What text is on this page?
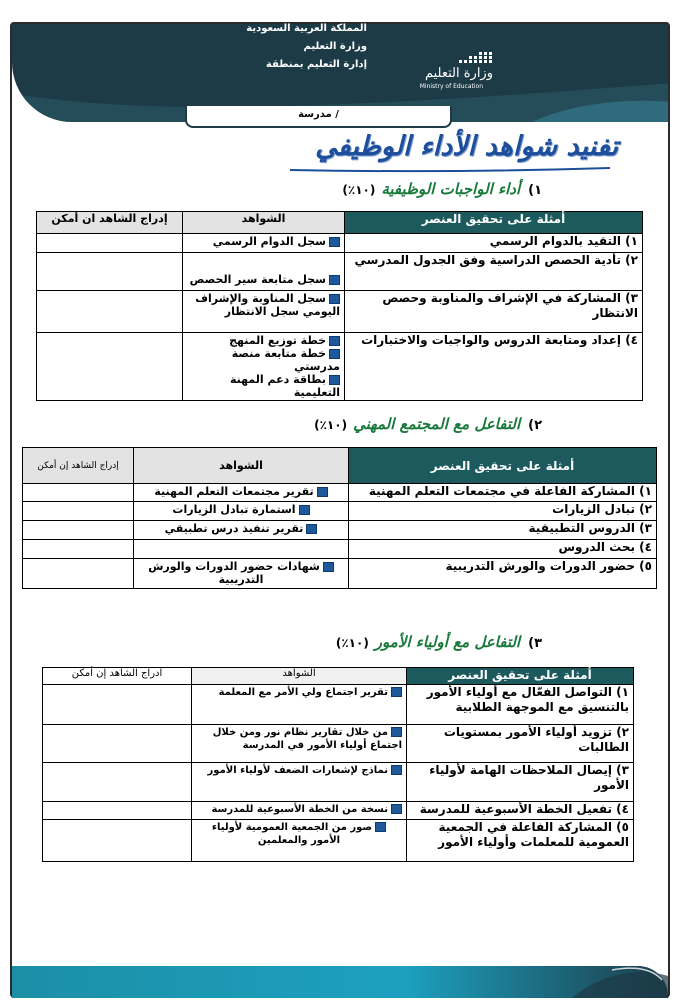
المملكة العربية السعودية
وزارة التعليم
إدارة التعليم بمنطقة
وزارة التعليم
Ministry of Education
مدرسة /
تفنيد شواهد الأداء الوظيفي
١)أداء الواجبات الوظيفية(١٠٪)
أمثلة على تحقيق العنصر	الشواهد	إدراج الشاهد ان أمكن
١) التقيد بالدوام الرسمي	سجل الدوام الرسمي	

٢) تأدية الحصص الدراسية وفق الجدول المدرسي	سجل متابعة سير الحصص	

٣) المشاركة في الإشراف والمناوبة وحصص الانتظار	سجل المناوبة والإشراف اليومي سجل الانتظار	

٤) إعداد ومتابعة الدروس والواجبات والاختبارات	خطة توزيع المنهج
خطة متابعة منصة مدرستي
بطاقة دعم المهنة التعليمية	

٢)التفاعل مع المجتمع المهني(١٠٪)
أمثلة على تحقيق العنصر	الشواهد	إدراج الشاهد إن أمكن
١) المشاركة الفاعلة في مجتمعات التعلم المهنية	تقرير مجتمعات التعلم المهنية	
٢) تبادل الزيارات	استمارة تبادل الزيارات	
٣) الدروس التطبيقية	تقرير تنفيذ درس تطبيقي	
٤) بحث الدروس		
٥) حضور الدورات والورش التدريبية	شهادات حضور الدورات والورش التدريبية	
٣)التفاعل مع أولياء الأمور(١٠٪)
أمثلة على تحقيق العنصر	الشواهد	ادراج الشاهد إن أمكن
١) التواصل الفعّال مع أولياء الأمور بالتنسيق مع الموجهة الطلابية	تقرير اجتماع ولي الأمر مع المعلمة	
٢) تزويد أولياء الأمور بمستويات الطالبات	من خلال تقارير نظام نور ومن خلال اجتماع أولياء الأمور في المدرسة	
٣) إيصال الملاحظات الهامة لأولياء الأمور	نماذج لإشعارات الضعف لأولياء الأمور	
٤) تفعيل الخطة الأسبوعية للمدرسة	نسخة من الخطة الأسبوعية للمدرسة	
٥) المشاركة الفاعلة في الجمعية العمومية للمعلمات وأولياء الأمور	صور من الجمعية العمومية لأولياء الأمور والمعلمين	
